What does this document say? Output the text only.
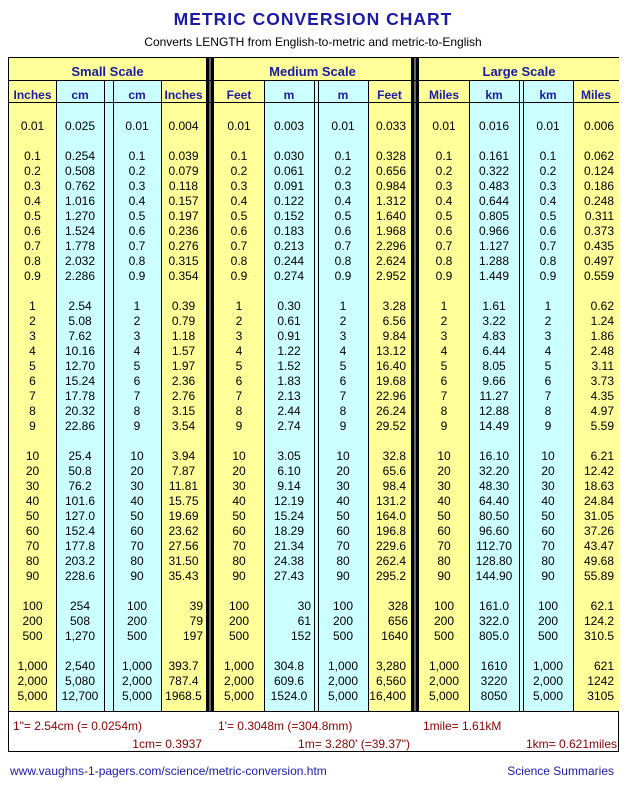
METRIC CONVERSION CHART
Converts LENGTH from English-to-metric and metric-to-English
Small Scale	Medium Scale	Large Scale
Inches	cm	cm	Inches	Feet	m	m	Feet	Miles	km	km	Miles
0.01	0.025	0.01	0.004	0.01	0.003	0.01	0.033	0.01	0.016	0.01	0.006
0.1	0.254	0.1	0.039	0.1	0.030	0.1	0.328	0.1	0.161	0.1	0.062
0.2	0.508	0.2	0.079	0.2	0.061	0.2	0.656	0.2	0.322	0.2	0.124
0.3	0.762	0.3	0.118	0.3	0.091	0.3	0.984	0.3	0.483	0.3	0.186
0.4	1.016	0.4	0.157	0.4	0.122	0.4	1.312	0.4	0.644	0.4	0.248
0.5	1.270	0.5	0.197	0.5	0.152	0.5	1.640	0.5	0.805	0.5	0.311
0.6	1.524	0.6	0.236	0.6	0.183	0.6	1.968	0.6	0.966	0.6	0.373
0.7	1.778	0.7	0.276	0.7	0.213	0.7	2.296	0.7	1.127	0.7	0.435
0.8	2.032	0.8	0.315	0.8	0.244	0.8	2.624	0.8	1.288	0.8	0.497
0.9	2.286	0.9	0.354	0.9	0.274	0.9	2.952	0.9	1.449	0.9	0.559
1	2.54	1	0.39	1	0.30	1	3.28	1	1.61	1	0.62
2	5.08	2	0.79	2	0.61	2	6.56	2	3.22	2	1.24
3	7.62	3	1.18	3	0.91	3	9.84	3	4.83	3	1.86
4	10.16	4	1.57	4	1.22	4	13.12	4	6.44	4	2.48
5	12.70	5	1.97	5	1.52	5	16.40	5	8.05	5	3.11
6	15.24	6	2.36	6	1.83	6	19.68	6	9.66	6	3.73
7	17.78	7	2.76	7	2.13	7	22.96	7	11.27	7	4.35
8	20.32	8	3.15	8	2.44	8	26.24	8	12.88	8	4.97
9	22.86	9	3.54	9	2.74	9	29.52	9	14.49	9	5.59
10	25.4	10	3.94	10	3.05	10	32.8	10	16.10	10	6.21
20	50.8	20	7.87	20	6.10	20	65.6	20	32.20	20	12.42
30	76.2	30	11.81	30	9.14	30	98.4	30	48.30	30	18.63
40	101.6	40	15.75	40	12.19	40	131.2	40	64.40	40	24.84
50	127.0	50	19.69	50	15.24	50	164.0	50	80.50	50	31.05
60	152.4	60	23.62	60	18.29	60	196.8	60	96.60	60	37.26
70	177.8	70	27.56	70	21.34	70	229.6	70	112.70	70	43.47
80	203.2	80	31.50	80	24.38	80	262.4	80	128.80	80	49.68
90	228.6	90	35.43	90	27.43	90	295.2	90	144.90	90	55.89
100	254	100	39	100	30	100	328	100	161.0	100	62.1
200	508	200	79	200	61	200	656	200	322.0	200	124.2
500	1,270	500	197	500	152	500	1640	500	805.0	500	310.5
1,000	2,540	1,000	393.7	1,000	304.8	1,000	3,280	1,000	1610	1,000	621
2,000	5,080	2,000	787.4	2,000	609.6	2,000	6,560	2,000	3220	2,000	1242
5,000	12,700	5,000	1968.5	5,000	1524.0	5,000 16,400	5,000	8050	5,000	3105
1"= 2.54cm (= 0.0254m)
1cm= 0.3937
1'= 0.3048m (=304.8mm)
1m= 3.280' (=39.37")
1mile= 1.61kM
1km= 0.621miles
www.vaughns-1-pagers.com/science/metric-conversion.htm	Science Summaries
